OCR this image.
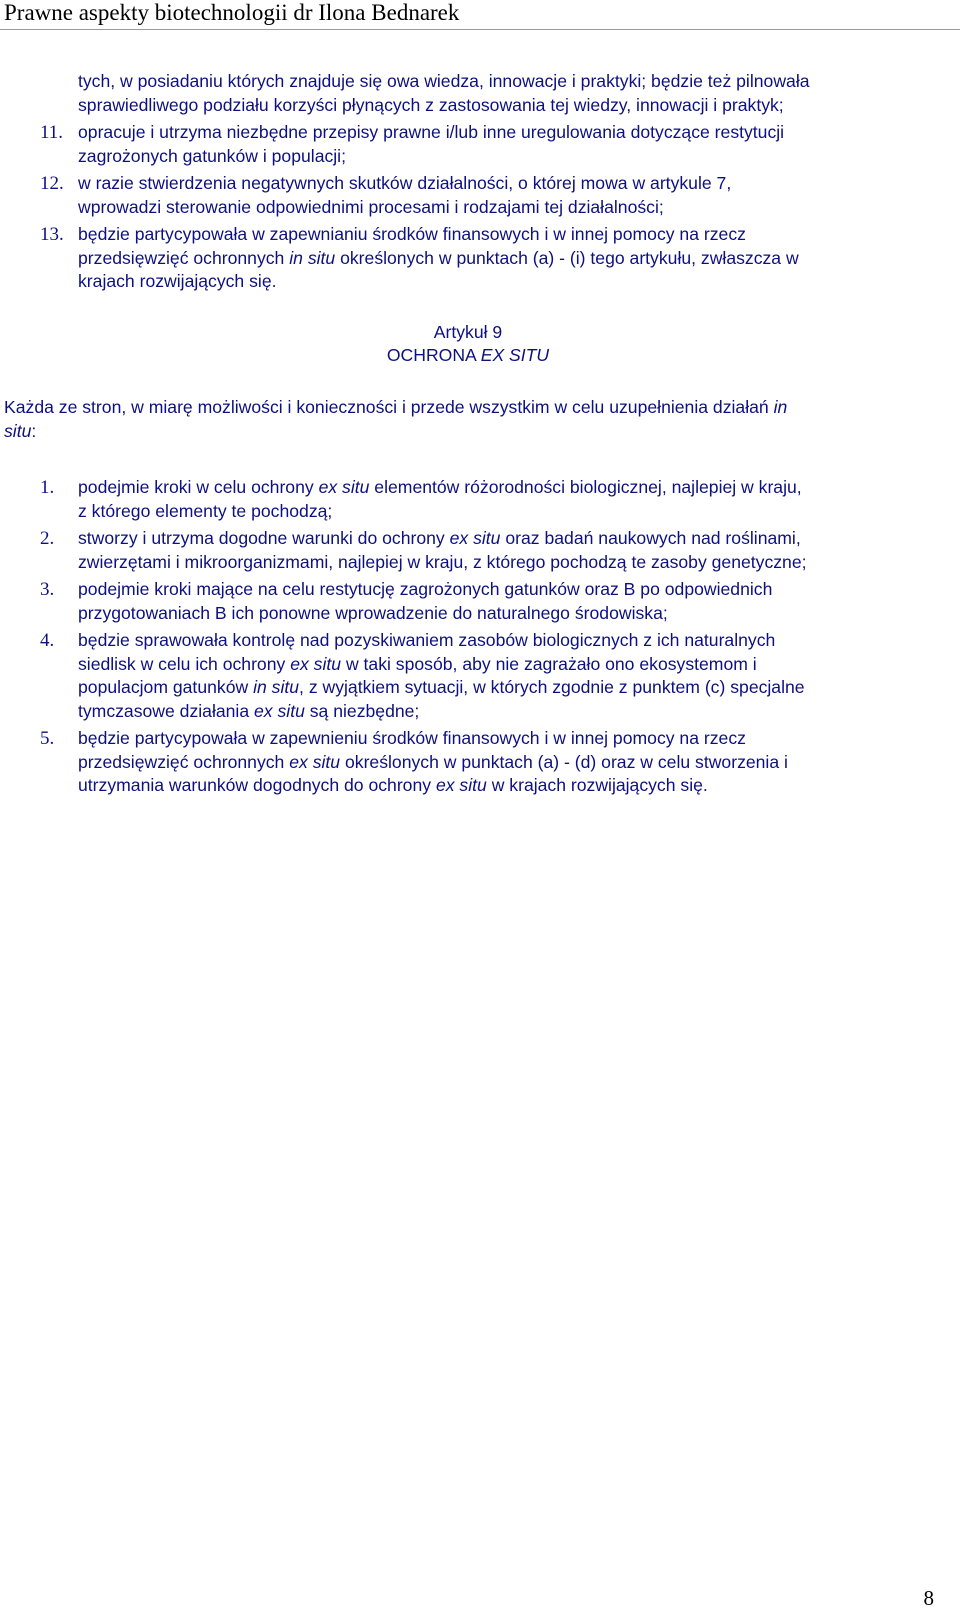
Prawne aspekty biotechnologii dr Ilona Bednarek
tych, w posiadaniu których znajduje się owa wiedza, innowacje i praktyki; będzie też pilnowała
sprawiedliwego podziału korzyści płynących z zastosowania tej wiedzy, innowacji i praktyk;
11. opracuje i utrzyma niezbędne przepisy prawne i/lub inne uregulowania dotyczące restytucji
zagrożonych gatunków i populacji;
12. w razie stwierdzenia negatywnych skutków działalności, o której mowa w artykule 7,
wprowadzi sterowanie odpowiednimi procesami i rodzajami tej działalności;
13. będzie partycypowała w zapewnianiu środków finansowych i w innej pomocy na rzecz
przedsięwzięć ochronnych in situ określonych w punktach (a) - (i) tego artykułu, zwłaszcza w
krajach rozwijających się.
Artykuł 9
OCHRONA EX SITU
Każda ze stron, w miarę możliwości i konieczności i przede wszystkim w celu uzupełnienia działań in
situ:
1. podejmie kroki w celu ochrony ex situ elementów różorodności biologicznej, najlepiej w kraju,
z którego elementy te pochodzą;
2. stworzy i utrzyma dogodne warunki do ochrony ex situ oraz badań naukowych nad roślinami,
zwierzętami i mikroorganizmami, najlepiej w kraju, z którego pochodzą te zasoby genetyczne;
3. podejmie kroki mające na celu restytucję zagrożonych gatunków oraz B po odpowiednich
przygotowaniach B ich ponowne wprowadzenie do naturalnego środowiska;
4. będzie sprawowała kontrolę nad pozyskiwaniem zasobów biologicznych z ich naturalnych
siedlisk w celu ich ochrony ex situ w taki sposób, aby nie zagrażało ono ekosystemom i
populacjom gatunków in situ, z wyjątkiem sytuacji, w których zgodnie z punktem (c) specjalne
tymczasowe działania ex situ są niezbędne;
5. będzie partycypowała w zapewnieniu środków finansowych i w innej pomocy na rzecz
przedsięwzięć ochronnych ex situ określonych w punktach (a) - (d) oraz w celu stworzenia i
utrzymania warunków dogodnych do ochrony ex situ w krajach rozwijających się.
8
